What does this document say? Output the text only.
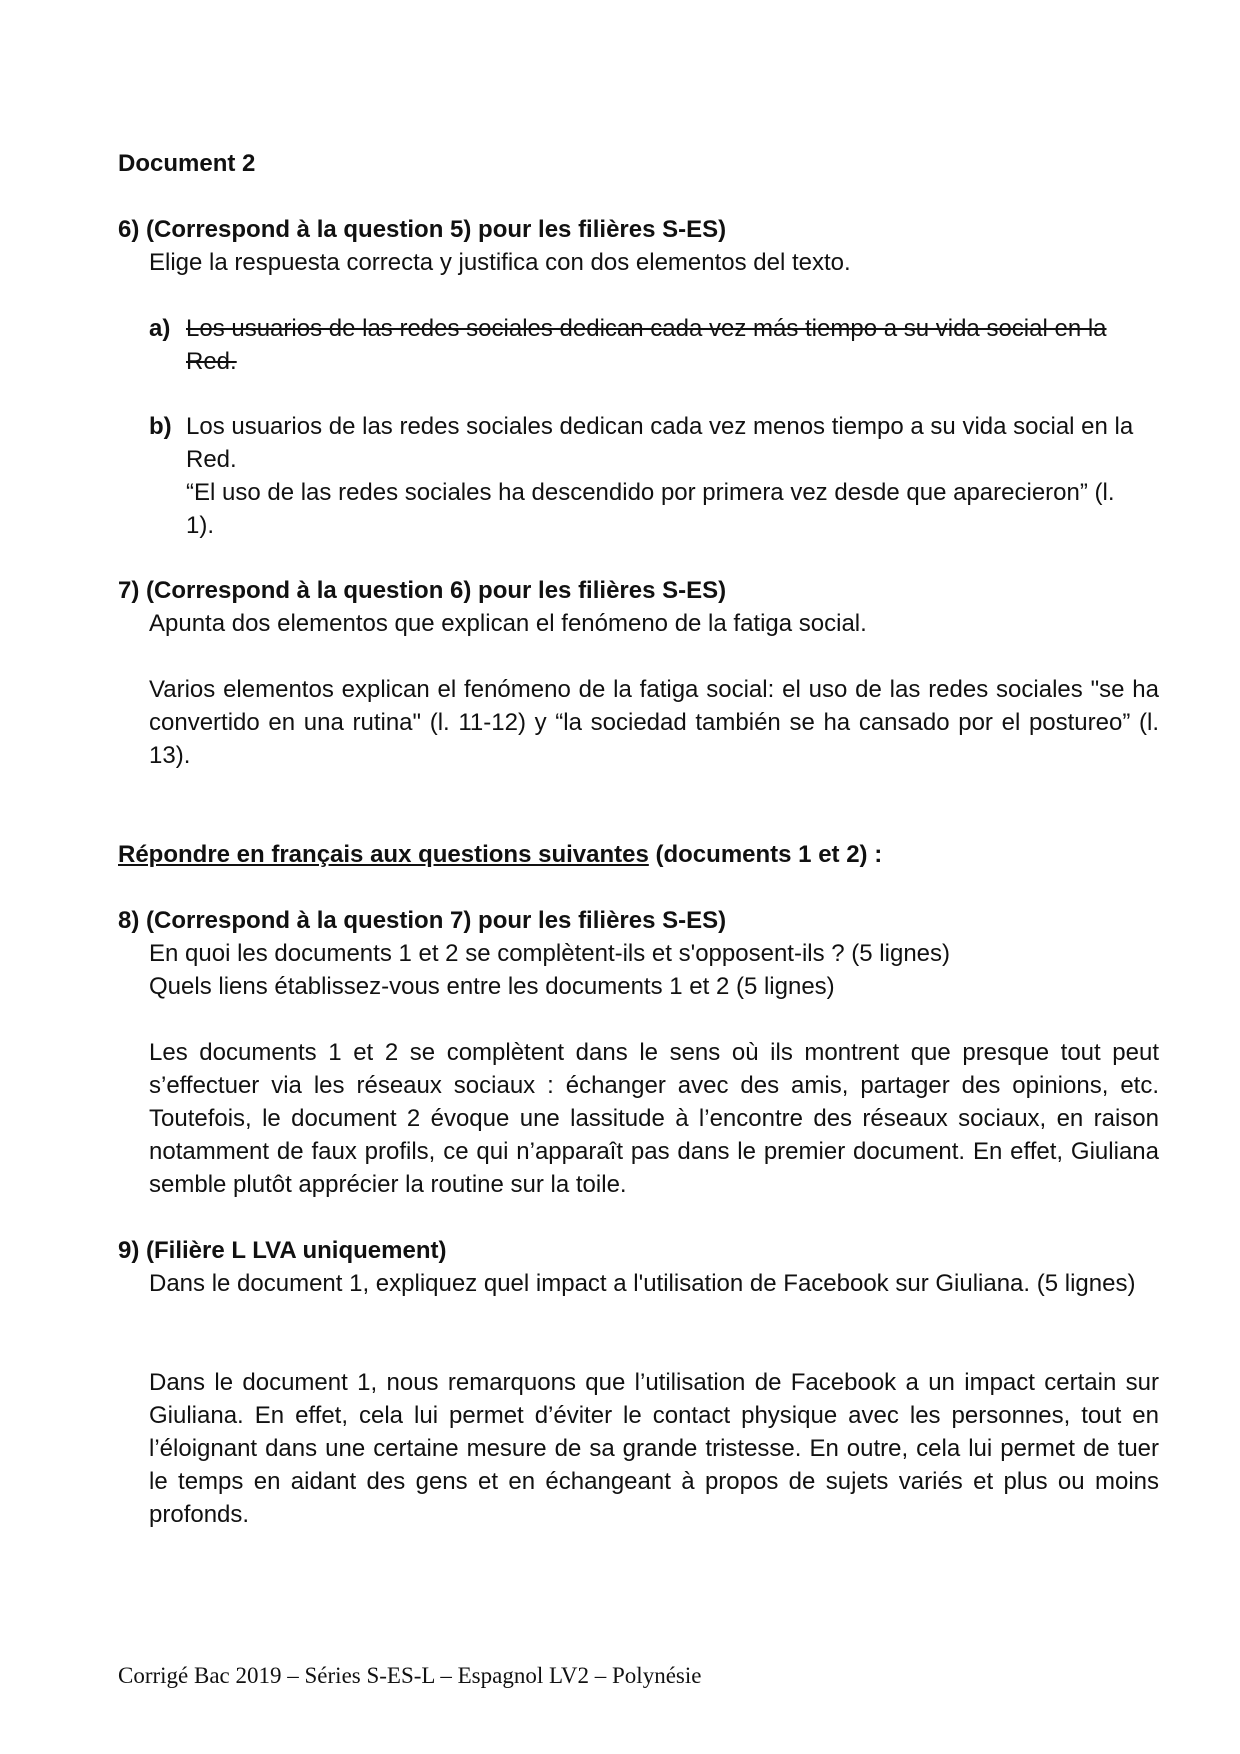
Document 2
6) (Correspond à la question 5) pour les filières S-ES)
Elige la respuesta correcta y justifica con dos elementos del texto.
a) Los usuarios de las redes sociales dedican cada vez más tiempo a su vida social en la Red.
b) Los usuarios de las redes sociales dedican cada vez menos tiempo a su vida social en la Red.
“El uso de las redes sociales ha descendido por primera vez desde que aparecieron” (l. 1).
7) (Correspond à la question 6) pour les filières S-ES)
Apunta dos elementos que explican el fenómeno de la fatiga social.
Varios elementos explican el fenómeno de la fatiga social: el uso de las redes sociales "se ha convertido en una rutina" (l. 11-12) y “la sociedad también se ha cansado por el postureo” (l. 13).
Répondre en français aux questions suivantes (documents 1 et 2) :
8) (Correspond à la question 7) pour les filières S-ES)
En quoi les documents 1 et 2 se complètent-ils et s'opposent-ils ? (5 lignes)
Quels liens établissez-vous entre les documents 1 et 2 (5 lignes)
Les documents 1 et 2 se complètent dans le sens où ils montrent que presque tout peut s’effectuer via les réseaux sociaux : échanger avec des amis, partager des opinions, etc. Toutefois, le document 2 évoque une lassitude à l’encontre des réseaux sociaux, en raison notamment de faux profils, ce qui n’apparaît pas dans le premier document. En effet, Giuliana semble plutôt apprécier la routine sur la toile.
9) (Filière L LVA uniquement)
Dans le document 1, expliquez quel impact a l'utilisation de Facebook sur Giuliana. (5 lignes)
Dans le document 1, nous remarquons que l’utilisation de Facebook a un impact certain sur Giuliana. En effet, cela lui permet d’éviter le contact physique avec les personnes, tout en l’éloignant dans une certaine mesure de sa grande tristesse. En outre, cela lui permet de tuer le temps en aidant des gens et en échangeant à propos de sujets variés et plus ou moins profonds.
Corrigé Bac 2019 – Séries S-ES-L – Espagnol LV2 – Polynésie
